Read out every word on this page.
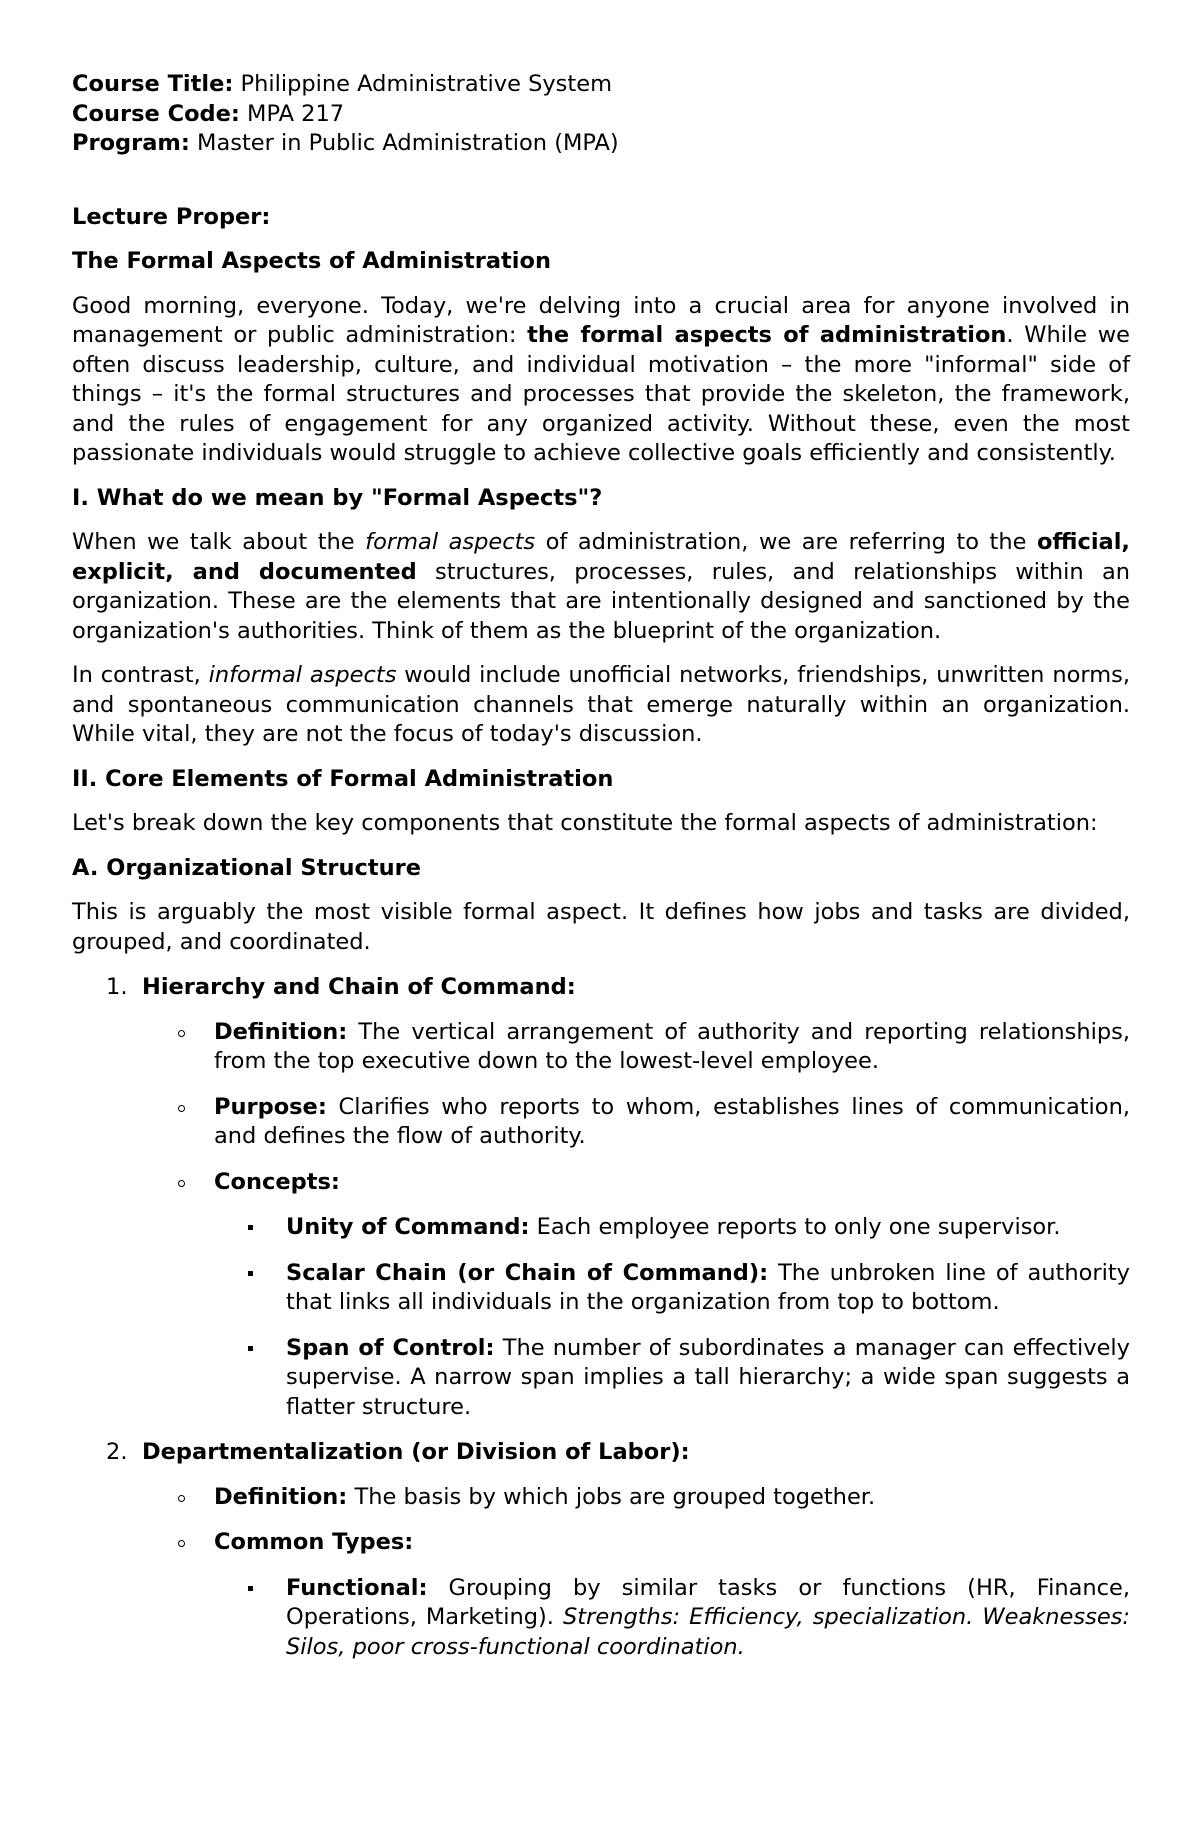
Course Title: Philippine Administrative System

Course Code: MPA 217

Program: Master in Public Administration (MPA)

Lecture Proper:

The Formal Aspects of Administration

Good morning, everyone. Today, we're delving into a crucial area for anyone involved in management or public administration: the formal aspects of administration. While we often discuss leadership, culture, and individual motivation – the more "informal" side of things – it's the formal structures and processes that provide the skeleton, the framework, and the rules of engagement for any organized activity. Without these, even the most passionate individuals would struggle to achieve collective goals efficiently and consistently.

I. What do we mean by "Formal Aspects"?

When we talk about the formal aspects of administration, we are referring to the official, explicit, and documented structures, processes, rules, and relationships within an organization. These are the elements that are intentionally designed and sanctioned by the organization's authorities. Think of them as the blueprint of the organization.

In contrast, informal aspects would include unofficial networks, friendships, unwritten norms, and spontaneous communication channels that emerge naturally within an organization. While vital, they are not the focus of today's discussion.

II. Core Elements of Formal Administration

Let's break down the key components that constitute the formal aspects of administration:

A. Organizational Structure

This is arguably the most visible formal aspect. It defines how jobs and tasks are divided, grouped, and coordinated.

1. Hierarchy and Chain of Command:
Definition: The vertical arrangement of authority and reporting relationships, from the top executive down to the lowest-level employee.
Purpose: Clarifies who reports to whom, establishes lines of communication, and defines the flow of authority.
Concepts:
Unity of Command: Each employee reports to only one supervisor.
Scalar Chain (or Chain of Command): The unbroken line of authority that links all individuals in the organization from top to bottom.
Span of Control: The number of subordinates a manager can effectively supervise. A narrow span implies a tall hierarchy; a wide span suggests a flatter structure.
2. Departmentalization (or Division of Labor):
Definition: The basis by which jobs are grouped together.
Common Types:
Functional: Grouping by similar tasks or functions (HR, Finance, Operations, Marketing). Strengths: Efficiency, specialization. Weaknesses: Silos, poor cross-functional coordination.
